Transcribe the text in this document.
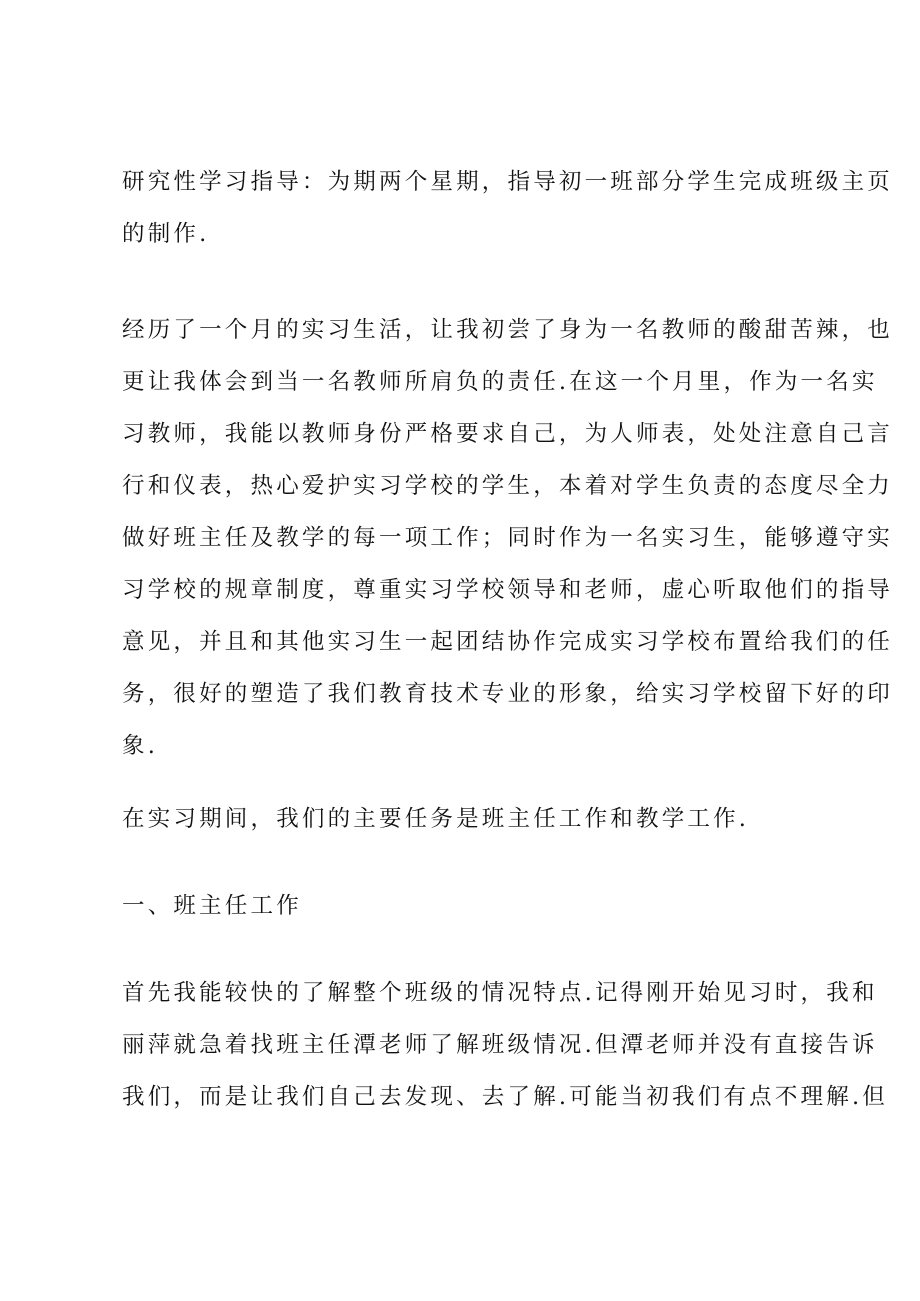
研究性学习指导：为期两个星期，指导初一班部分学生完成班级主页
的制作.
经历了一个月的实习生活，让我初尝了身为一名教师的酸甜苦辣，也
更让我体会到当一名教师所肩负的责任.在这一个月里，作为一名实
习教师，我能以教师身份严格要求自己，为人师表，处处注意自己言
行和仪表，热心爱护实习学校的学生，本着对学生负责的态度尽全力
做好班主任及教学的每一项工作；同时作为一名实习生，能够遵守实
习学校的规章制度，尊重实习学校领导和老师，虚心听取他们的指导
意见，并且和其他实习生一起团结协作完成实习学校布置给我们的任
务，很好的塑造了我们教育技术专业的形象，给实习学校留下好的印
象.
在实习期间，我们的主要任务是班主任工作和教学工作.
一、班主任工作
首先我能较快的了解整个班级的情况特点.记得刚开始见习时，我和
丽萍就急着找班主任潭老师了解班级情况.但潭老师并没有直接告诉
我们，而是让我们自己去发现、去了解.可能当初我们有点不理解.但
